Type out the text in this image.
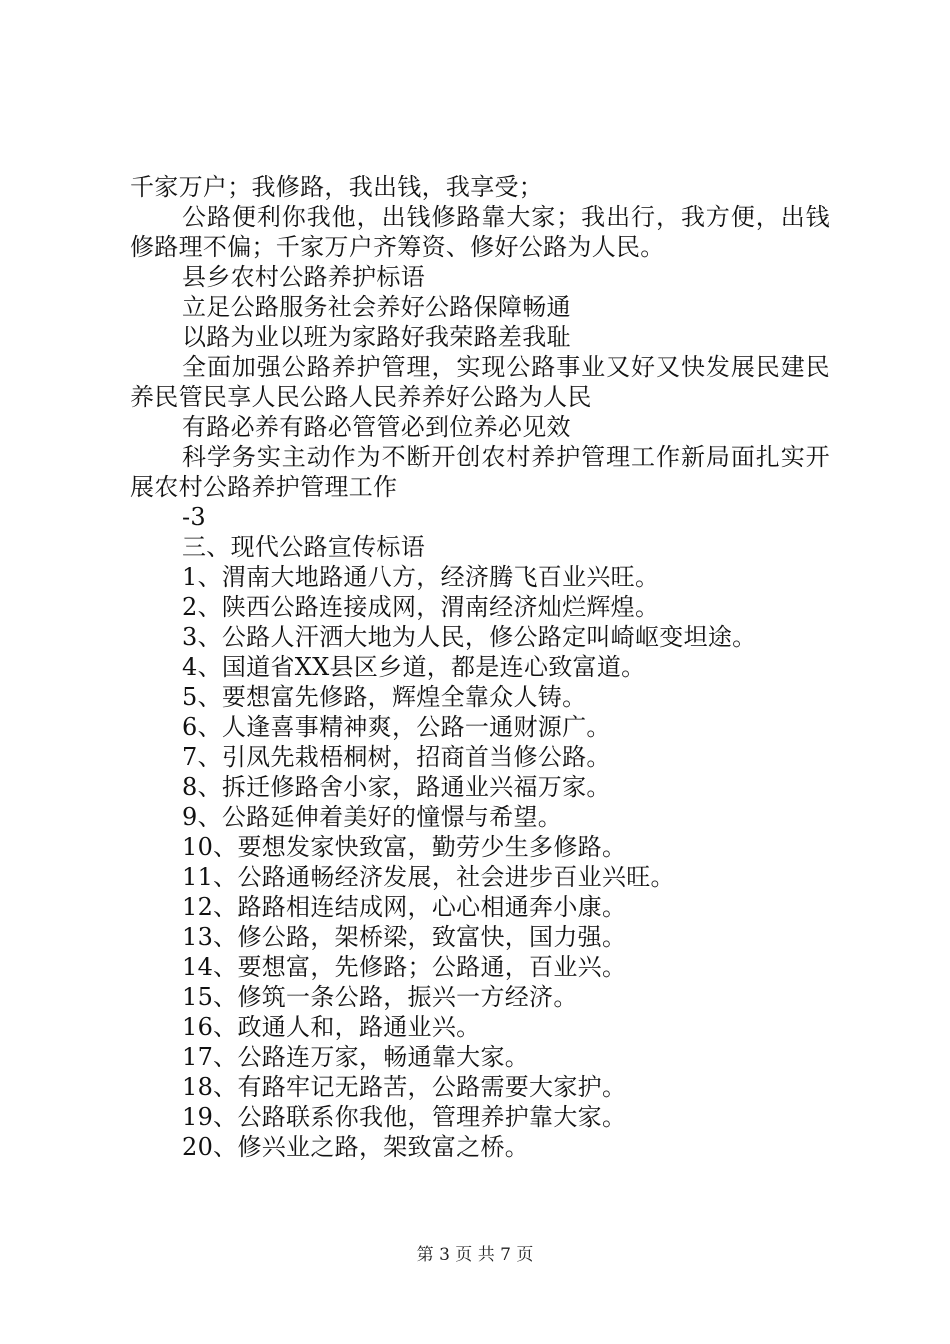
千家万户；我修路，我出钱，我享受；

公路便利你我他，出钱修路靠大家；我出行，我方便，出钱修路理不偏；千家万户齐筹资、修好公路为人民。

县乡农村公路养护标语

立足公路服务社会养好公路保障畅通

以路为业以班为家路好我荣路差我耻

全面加强公路养护管理，实现公路事业又好又快发展民建民养民管民享人民公路人民养养好公路为人民

有路必养有路必管管必到位养必见效

科学务实主动作为不断开创农村养护管理工作新局面扎实开展农村公路养护管理工作

-3

三、现代公路宣传标语

1、渭南大地路通八方，经济腾飞百业兴旺。

2、陕西公路连接成网，渭南经济灿烂辉煌。

3、公路人汗洒大地为人民，修公路定叫崎岖变坦途。

4、国道省XX县区乡道，都是连心致富道。

5、要想富先修路，辉煌全靠众人铸。

6、人逢喜事精神爽，公路一通财源广。

7、引凤先栽梧桐树，招商首当修公路。

8、拆迁修路舍小家，路通业兴福万家。

9、公路延伸着美好的憧憬与希望。

10、要想发家快致富，勤劳少生多修路。

11、公路通畅经济发展，社会进步百业兴旺。

12、路路相连结成网，心心相通奔小康。

13、修公路，架桥梁，致富快，国力强。

14、要想富，先修路；公路通，百业兴。

15、修筑一条公路，振兴一方经济。

16、政通人和，路通业兴。

17、公路连万家，畅通靠大家。

18、有路牢记无路苦，公路需要大家护。

19、公路联系你我他，管理养护靠大家。

20、修兴业之路，架致富之桥。

第 3 页 共 7 页
